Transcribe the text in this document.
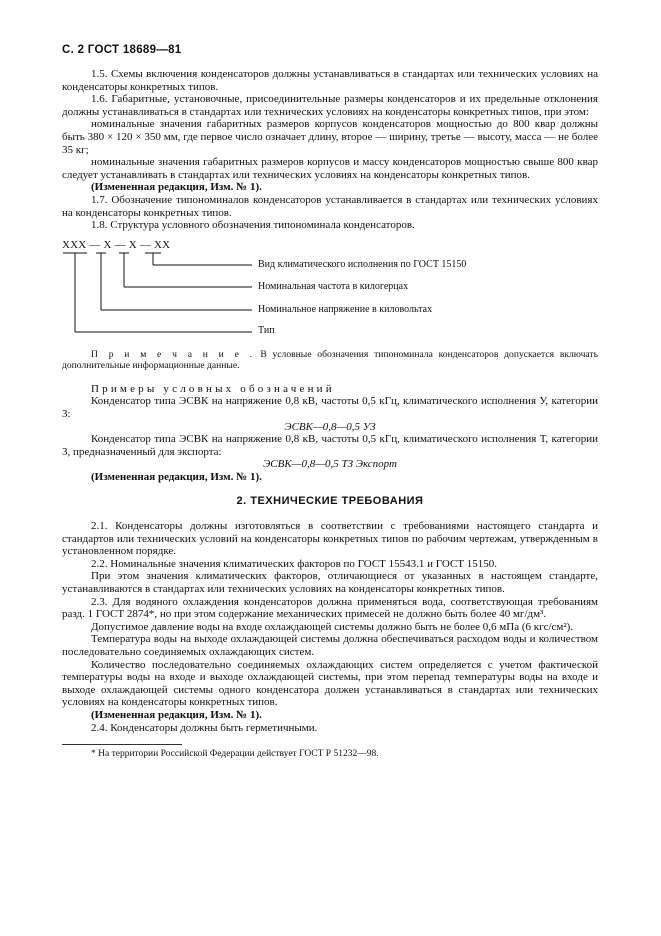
С. 2 ГОСТ 18689—81

1.5. Схемы включения конденсаторов должны устанавливаться в стандартах или технических условиях на конденсаторы конкретных типов.

1.6. Габаритные, установочные, присоединительные размеры конденсаторов и их предельные отклонения должны устанавливаться в стандартах или технических условиях на конденсаторы конкретных типов, при этом:

номинальные значения габаритных размеров корпусов конденсаторов мощностью до 800 квар должны быть 380 × 120 × 350 мм, где первое число означает длину, второе — ширину, третье — высоту, масса — не более 35 кг;

номинальные значения габаритных размеров корпусов и массу конденсаторов мощностью свыше 800 квар следует устанавливать в стандартах или технических условиях на конденсаторы конкретных типов.

(Измененная редакция, Изм. № 1).

1.7. Обозначение типономиналов конденсаторов устанавливается в стандартах или технических условиях на конденсаторы конкретных типов.

1.8. Структура условного обозначения типономинала конденсаторов.

ХХХ — Х — Х — ХХ
Вид климатического исполнения по ГОСТ 15150
Номинальная частота в килогерцах
Номинальное напряжение в киловольтах
Тип

П р и м е ч а н и е . В условные обозначения типономинала конденсаторов допускается включать дополнительные информационные данные.

Примеры условных обозначений

Конденсатор типа ЭСВК на напряжение 0,8 кВ, частоты 0,5 кГц, климатического исполнения У, категории 3:

ЭСВК—0,8—0,5 УЗ

Конденсатор типа ЭСВК на напряжение 0,8 кВ, частоты 0,5 кГц, климатического исполнения Т, категории 3, предназначенный для экспорта:

ЭСВК—0,8—0,5 ТЗ Экспорт

(Измененная редакция, Изм. № 1).

2. ТЕХНИЧЕСКИЕ ТРЕБОВАНИЯ

2.1. Конденсаторы должны изготовляться в соответствии с требованиями настоящего стандарта и стандартов или технических условий на конденсаторы конкретных типов по рабочим чертежам, утвержденным в установленном порядке.

2.2. Номинальные значения климатических факторов по ГОСТ 15543.1 и ГОСТ 15150.

При этом значения климатических факторов, отличающиеся от указанных в настоящем стандарте, устанавливаются в стандартах или технических условиях на конденсаторы конкретных типов.

2.3. Для водяного охлаждения конденсаторов должна применяться вода, соответствующая требованиям разд. 1 ГОСТ 2874*, но при этом содержание механических примесей не должно быть более 40 мг/дм³.

Допустимое давление воды на входе охлаждающей системы должно быть не более 0,6 мПа (6 кгс/см²).

Температура воды на выходе охлаждающей системы должна обеспечиваться расходом воды и количеством последовательно соединяемых охлаждающих систем.

Количество последовательно соединяемых охлаждающих систем определяется с учетом фактической температуры воды на входе и выходе охлаждающей системы, при этом перепад температуры воды на входе и выходе охлаждающей системы одного конденсатора должен устанавливаться в стандартах или технических условиях на конденсаторы конкретных типов.

(Измененная редакция, Изм. № 1).

2.4. Конденсаторы должны быть герметичными.

* На территории Российской Федерации действует ГОСТ Р 51232—98.
